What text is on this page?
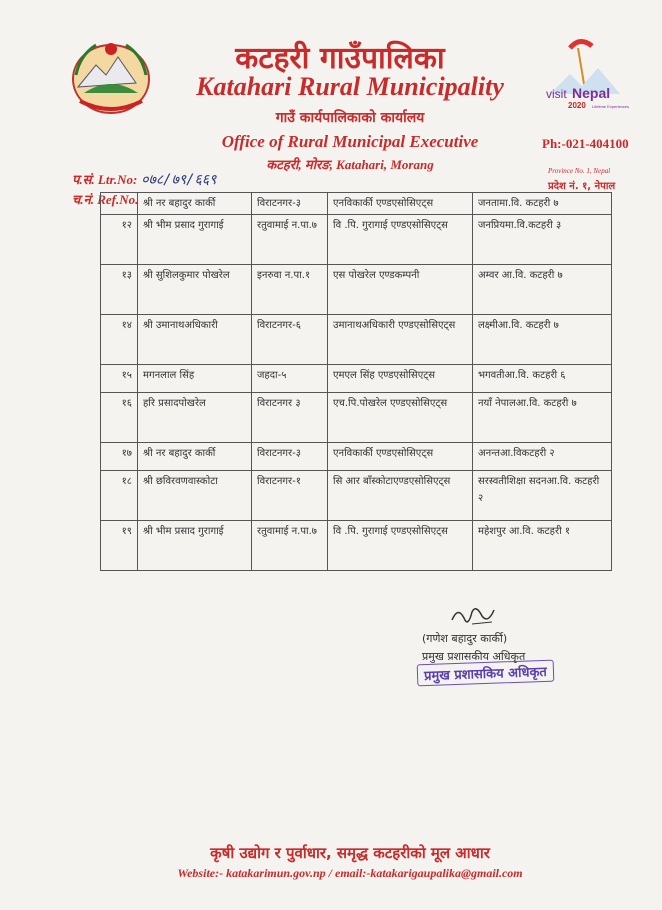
कटहरी गाउँपालिका
Katahari Rural Municipality
गाउँ कार्यपालिकाको कार्यालय
Office of Rural Municipal Executive
कटहरी, मोरङ, Katahari, Morang
visit Nepal
2020 Lifetime Experiences
Ph:-021-404100
Province No. 1, Nepal
प्रदेश नं. १, नेपाल
प.सं. Ltr.No: ०७८/७९/६६९
च.नं. Ref.No.
	श्री नर बहादुर कार्की	विराटनगर-३	एनविकार्की एण्डएसोसिएट्स	जनतामा.वि. कटहरी ७
१२	श्री भीम प्रसाद गुरागाई	रतुवामाई न.पा.७	वि .पि. गुरागाई एण्डएसोसिएट्स	जनप्रियमा.वि.कटहरी ३
१३	श्री सुशिलकुमार पोखरेल	इनरुवा न.पा.१	एस पोखरेल एण्डकम्पनी	अम्वर आ.वि. कटहरी ७
१४	श्री उमानाथअधिकारी	विराटनगर-६	उमानाथअधिकारी एण्डएसोसिएट्स	लक्ष्मीआ.वि. कटहरी ७
१५	मगनलाल सिंह	जहदा-५	एमएल सिंह एण्डएसोसिएट्स	भगवतीआ.वि. कटहरी ६
१६	हरि प्रसादपोखरेल	विराटनगर ३	एच.पि.पोखरेल एण्डएसोसिएट्स	नयाँ नेपालआ.वि. कटहरी ७
१७	श्री नर बहादुर कार्की	विराटनगर-३	एनविकार्की एण्डएसोसिएट्स	अनन्तआ.विकटहरी २
१८	श्री छविरवणवास्कोटा	विराटनगर-१	सि आर बाँस्कोटाएण्डएसोसिएट्स	सरस्वतीशिक्षा सदनआ.वि. कटहरी २
१९	श्री भीम प्रसाद गुरागाई	रतुवामाई न.पा.७	वि .पि. गुरागाई एण्डएसोसिएट्स	महेशपुर आ.वि. कटहरी १
(गणेश बहादुर कार्की)
प्रमुख प्रशासकीय अधिकृत
प्रमुख प्रशासकिय अधिकृत
कृषी उद्योग र पुर्वाधार, समृद्ध कटहरीको मूल आधार
Website:- katakarimun.gov.np / email:-katakarigaupalika@gmail.com
